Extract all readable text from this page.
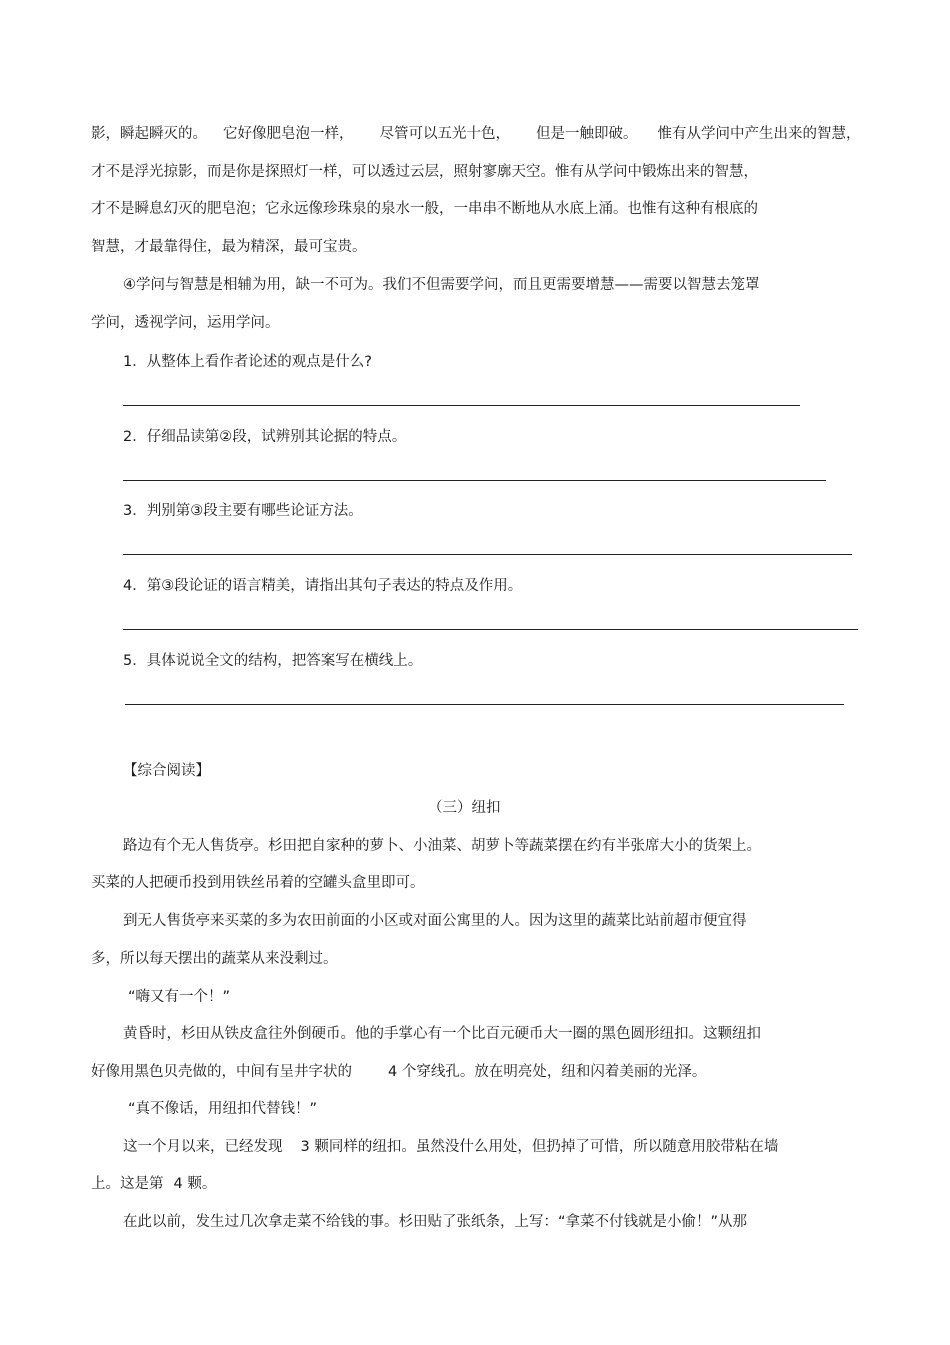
影，瞬起瞬灭的。 它好像肥皂泡一样， 尽管可以五光十色， 但是一触即破。 惟有从学问中产生出来的智慧，
才不是浮光掠影，而是你是探照灯一样，可以透过云层，照射寥廓天空。惟有从学问中锻炼出来的智慧，
才不是瞬息幻灭的肥皂泡；它永远像珍珠泉的泉水一般，一串串不断地从水底上涌。也惟有这种有根底的
智慧，才最靠得住，最为精深，最可宝贵。
④学问与智慧是相辅为用，缺一不可为。我们不但需要学问，而且更需要增慧——需要以智慧去笼罩
学问，透视学问，运用学问。
1．从整体上看作者论述的观点是什么?
2．仔细品读第②段，试辨别其论据的特点。
3．判别第③段主要有哪些论证方法。
4．第③段论证的语言精美，请指出其句子表达的特点及作用。
5．具体说说全文的结构，把答案写在横线上。
【综合阅读】
（三）纽扣
路边有个无人售货亭。杉田把自家种的萝卜、小油菜、胡萝卜等蔬菜摆在约有半张席大小的货架上。
买菜的人把硬币投到用铁丝吊着的空罐头盒里即可。
到无人售货亭来买菜的多为农田前面的小区或对面公寓里的人。因为这里的蔬菜比站前超市便宜得
多，所以每天摆出的蔬菜从来没剩过。
“嗨又有一个！”
黄昏时，杉田从铁皮盒往外倒硬币。他的手掌心有一个比百元硬币大一圈的黑色圆形纽扣。这颗纽扣
好像用黑色贝壳做的，中间有呈井字状的 4 个穿线孔。放在明亮处，纽和闪着美丽的光泽。
“真不像话，用纽扣代替钱！”
这一个月以来，已经发现 3 颗同样的纽扣。虽然没什么用处，但扔掉了可惜，所以随意用胶带粘在墙
上。这是第 4 颗。
在此以前，发生过几次拿走菜不给钱的事。杉田贴了张纸条，上写：“拿菜不付钱就是小偷！”从那
